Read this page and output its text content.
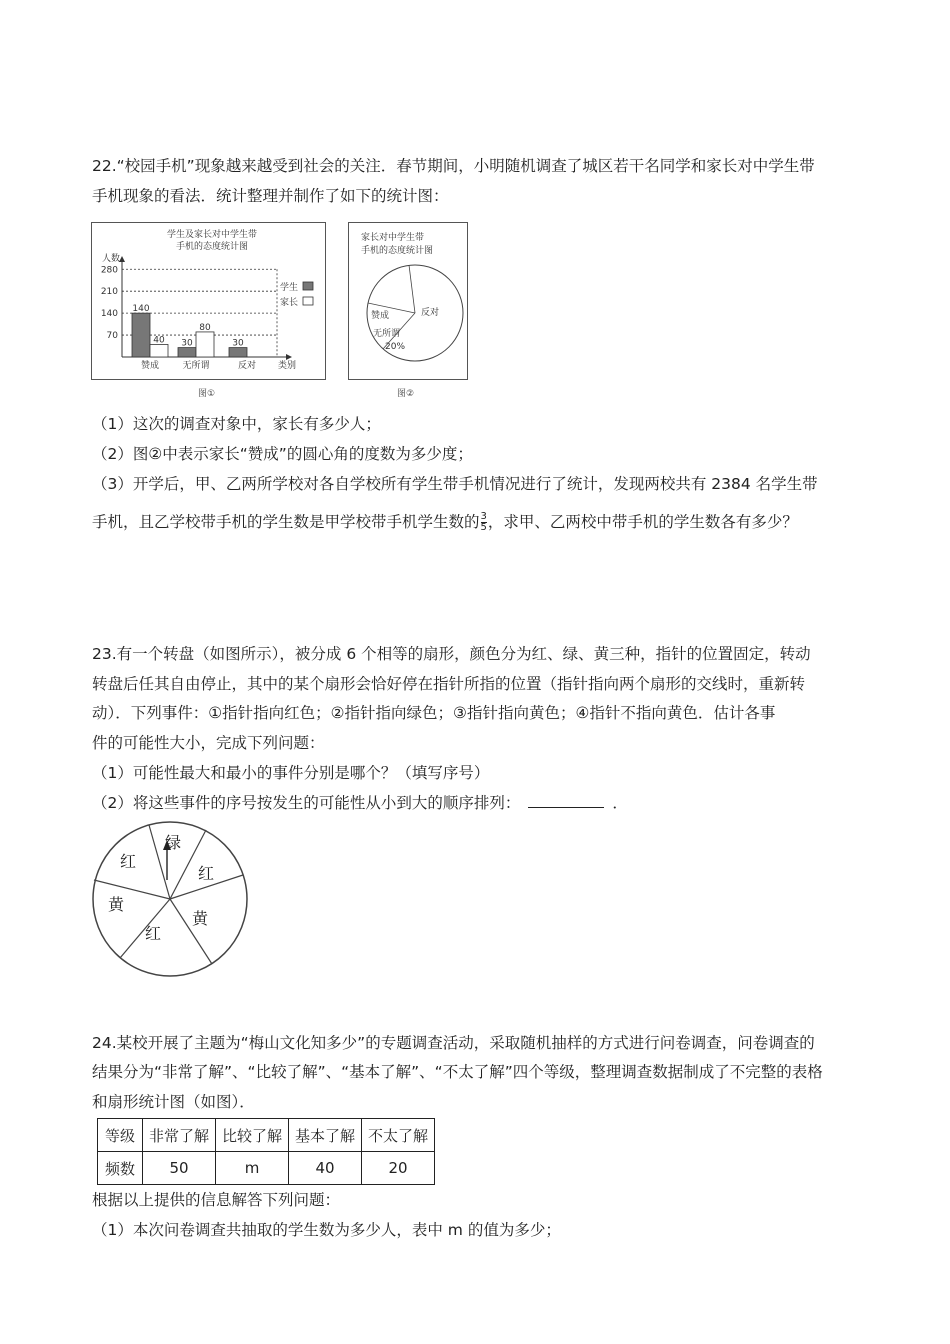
22.“校园手机”现象越来越受到社会的关注．春节期间，小明随机调查了城区若干名同学和家长对中学生带
手机现象的看法．统计整理并制作了如下的统计图：
学生及家长对中学生带
手机的态度统计图
人数
70
140
210
280
140
40
赞成
30
80
无所谓
30
反对
学生
家长
类别
图①
家长对中学生带
手机的态度统计图
反对
赞成
无所谓
20%
图②
（1）这次的调查对象中，家长有多少人；
（2）图②中表示家长“赞成”的圆心角的度数为多少度；
（3）开学后，甲、乙两所学校对各自学校所有学生带手机情况进行了统计，发现两校共有 2384 名学生带
手机，且乙学校带手机的学生数是甲学校带手机学生数的 $\frac{3}{5}$ ，求甲、乙两校中带手机的学生数各有多少？
23.有一个转盘（如图所示），被分成 6 个相等的扇形，颜色分为红、绿、黄三种，指针的位置固定，转动
转盘后任其自由停止，其中的某个扇形会恰好停在指针所指的位置（指针指向两个扇形的交线时，重新转
动）．下列事件：①指针指向红色；②指针指向绿色；③指针指向黄色；④指针不指向黄色．估计各事
件的可能性大小，完成下列问题：
（1）可能性最大和最小的事件分别是哪个？（填写序号）
（2）将这些事件的序号按发生的可能性从小到大的顺序排列：	．
绿
红
黄
红
黄
红
24.某校开展了主题为“梅山文化知多少”的专题调查活动，采取随机抽样的方式进行问卷调查，问卷调查的
结果分为“非常了解”、“比较了解”、“基本了解”、“不太了解”四个等级，整理调查数据制成了不完整的表格
和扇形统计图（如图）．
等级	非常了解	比较了解	基本了解	不太了解
频数	50	m	40	20
根据以上提供的信息解答下列问题：
（1）本次问卷调查共抽取的学生数为多少人，表中 m 的值为多少；
